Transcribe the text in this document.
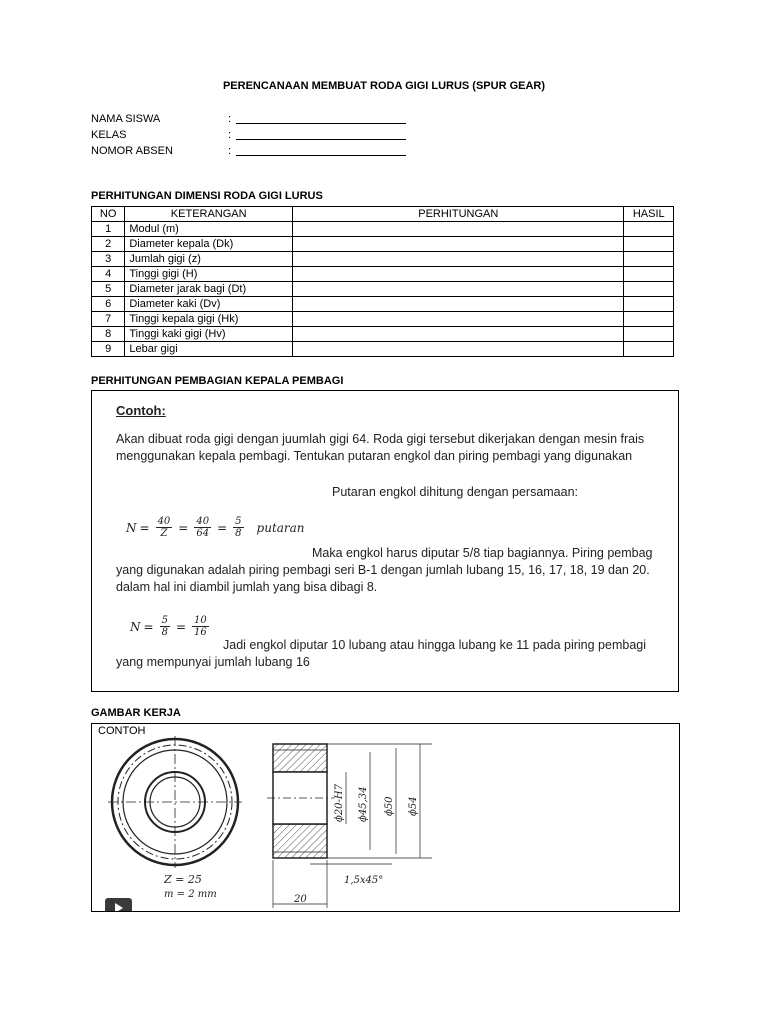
PERENCANAAN MEMBUAT RODA GIGI LURUS (SPUR GEAR)
NAMA SISWA	:
KELAS	:
NOMOR ABSEN	:
PERHITUNGAN DIMENSI RODA GIGI LURUS
NO	KETERANGAN	PERHITUNGAN	HASIL
1	Modul (m)		
2	Diameter kepala (Dk)		
3	Jumlah gigi (z)		
4	Tinggi gigi (H)		
5	Diameter jarak bagi (Dt)		
6	Diameter kaki (Dv)		
7	Tinggi kepala gigi (Hk)		
8	Tinggi kaki gigi (Hv)		
9	Lebar gigi		
PERHITUNGAN PEMBAGIAN KEPALA PEMBAGI
Contoh:
Akan dibuat roda gigi dengan juumlah gigi 64. Roda gigi tersebut dikerjakan dengan mesin frais
menggunakan kepala pembagi. Tentukan putaran engkol dan piring pembagi yang digunakan
Putaran engkol dihitung dengan persamaan:
$N = \frac{40}{Z} = \frac{40}{64} = \frac{5}{8}$ putaran
Maka engkol harus diputar 5/8 tiap bagiannya. Piring pembag
yang digunakan adalah piring pembagi seri B-1 dengan jumlah lubang 15, 16, 17, 18, 19 dan 20.
dalam hal ini diambil jumlah yang bisa dibagi 8.
$N = \frac{5}{8} = \frac{10}{16}$
Jadi engkol diputar 10 lubang atau hingga lubang ke 11 pada piring pembagi
yang mempunyai jumlah lubang 16
GAMBAR KERJA
CONTOH
Z = 25
m = 2 mm
ϕ20-H7 ϕ45,34 ϕ50 ϕ54
1,5x45°
20
